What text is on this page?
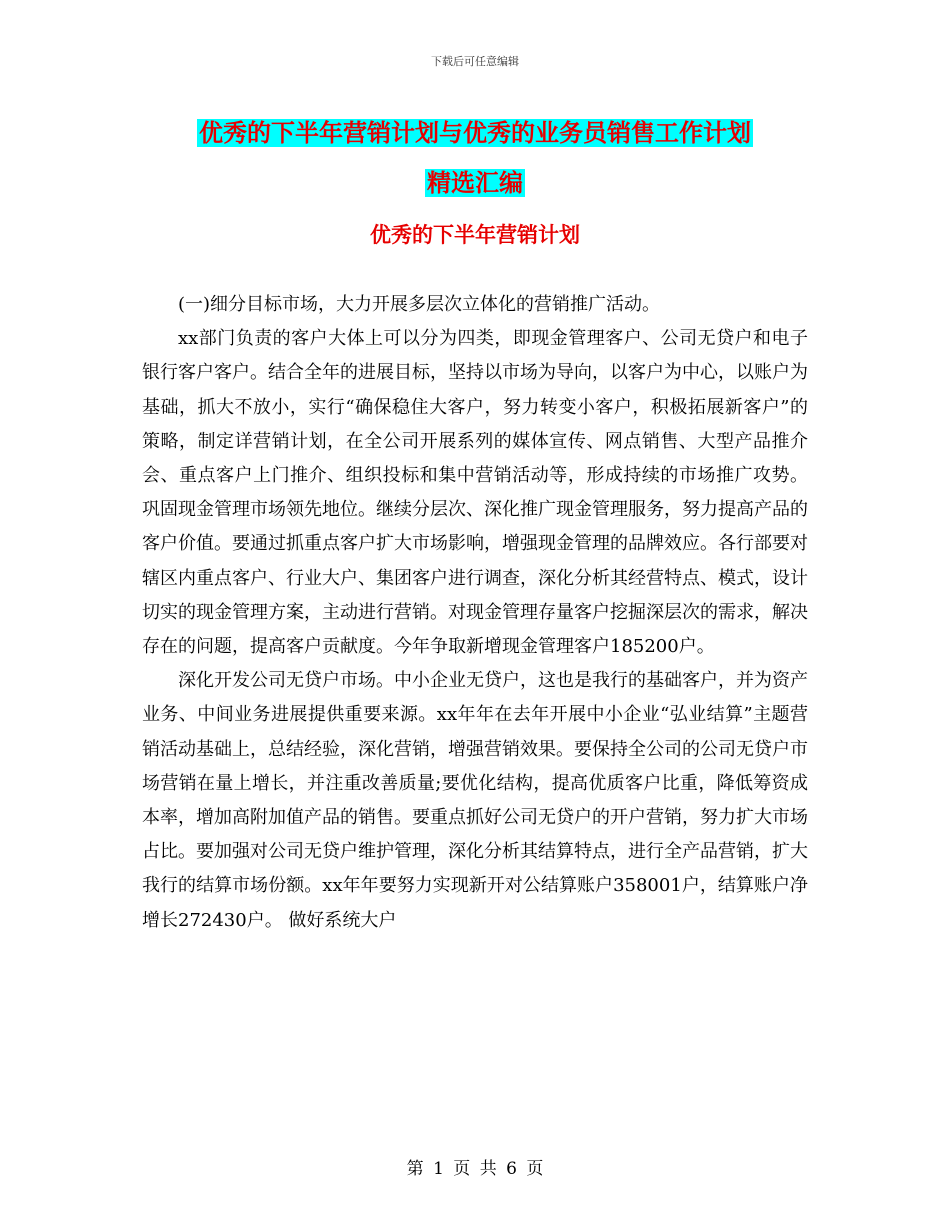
下载后可任意编辑
优秀的下半年营销计划与优秀的业务员销售工作计划
精选汇编
优秀的下半年营销计划

(一)细分目标市场，大力开展多层次立体化的营销推广活动。

xx部门负责的客户大体上可以分为四类，即现金管理客户、公司无贷户和电子银行客户客户。结合全年的进展目标，坚持以市场为导向，以客户为中心，以账户为基础，抓大不放小，实行“确保稳住大客户，努力转变小客户，积极拓展新客户”的策略，制定详营销计划，在全公司开展系列的媒体宣传、网点销售、大型产品推介会、重点客户上门推介、组织投标和集中营销活动等，形成持续的市场推广攻势。 巩固现金管理市场领先地位。继续分层次、深化推广现金管理服务，努力提高产品的客户价值。要通过抓重点客户扩大市场影响，增强现金管理的品牌效应。各行部要对辖区内重点客户、行业大户、集团客户进行调查，深化分析其经营特点、模式，设计切实的现金管理方案，主动进行营销。对现金管理存量客户挖掘深层次的需求，解决存在的问题，提高客户贡献度。今年争取新增现金管理客户185200户。

深化开发公司无贷户市场。中小企业无贷户，这也是我行的基础客户，并为资产业务、中间业务进展提供重要来源。xx年年在去年开展中小企业“弘业结算”主题营销活动基础上，总结经验，深化营销，增强营销效果。要保持全公司的公司无贷户市场营销在量上增长，并注重改善质量;要优化结构，提高优质客户比重，降低筹资成本率，增加高附加值产品的销售。要重点抓好公司无贷户的开户营销，努力扩大市场占比。要加强对公司无贷户维护管理，深化分析其结算特点，进行全产品营销，扩大我行的结算市场份额。xx年年要努力实现新开对公结算账户358001户，结算账户净增长272430户。 做好系统大户

第 1 页 共 6 页
